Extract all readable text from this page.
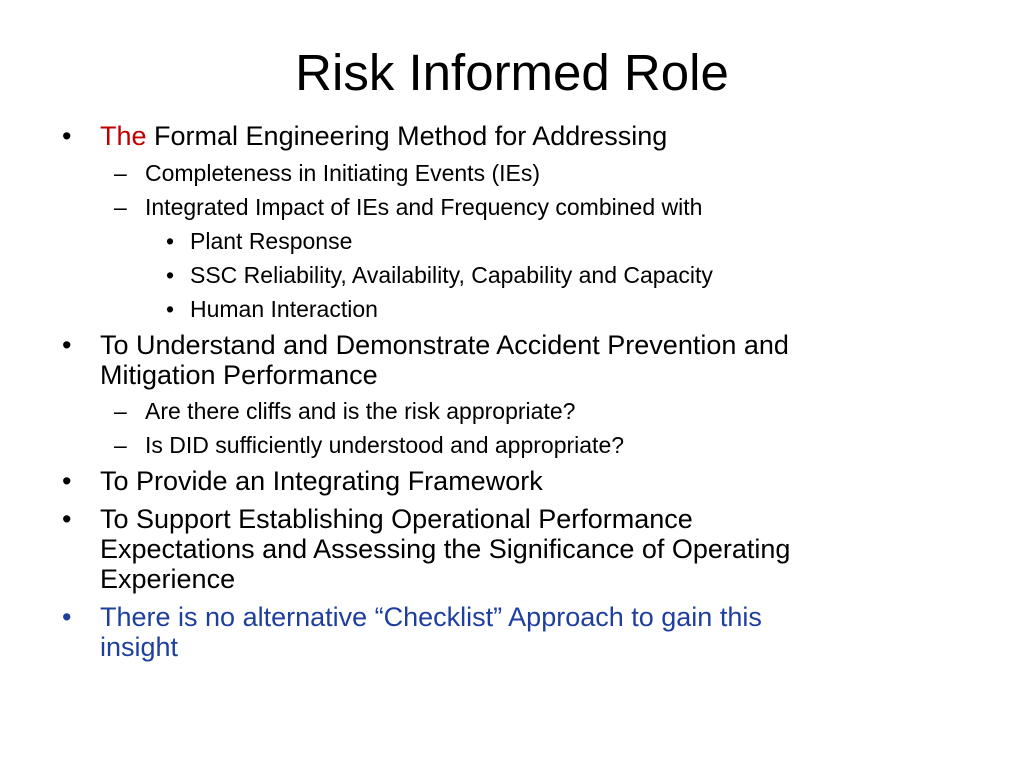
Risk Informed Role
• The Formal Engineering Method for Addressing
– Completeness in Initiating Events (IEs)
– Integrated Impact of IEs and Frequency combined with
• Plant Response
• SSC Reliability, Availability, Capability and Capacity
• Human Interaction
• To Understand and Demonstrate Accident Prevention and
Mitigation Performance
– Are there cliffs and is the risk appropriate?
– Is DID sufficiently understood and appropriate?
• To Provide an Integrating Framework
• To Support Establishing Operational Performance
Expectations and Assessing the Significance of Operating
Experience
• There is no alternative “Checklist” Approach to gain this
insight
